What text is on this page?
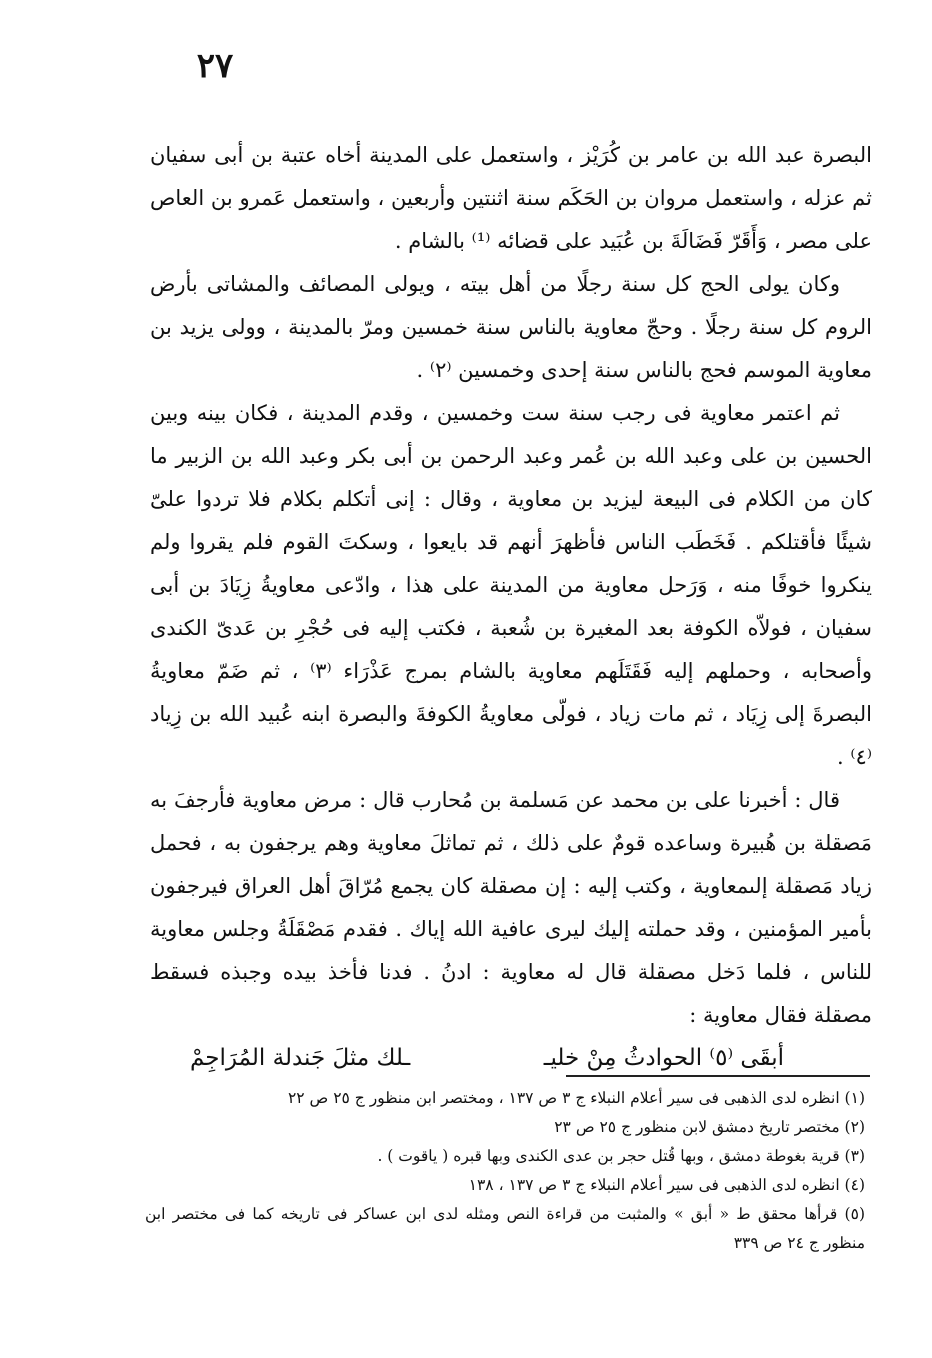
٢٧

البصرة عبد الله بن عامر بن كُرَيْز ، واستعمل على المدينة أخاه عتبة بن أبى سفيان ثم عزله ، واستعمل مروان بن الحَكَم سنة اثنتين وأربعين ، واستعمل عَمرو بن العاص على مصر ، وَأَقَرّ فَضَالَةَ بن عُبَيد على قضائه ⁽¹⁾ بالشام .

وكان يولى الحج كل سنة رجلًا من أهل بيته ، ويولى المصائف والمشاتى بأرض الروم كل سنة رجلًا . وحجّ معاوية بالناس سنة خمسين ومرّ بالمدينة ، وولى يزيد بن معاوية الموسم فحج بالناس سنة إحدى وخمسين ⁽٢⁾ .

ثم اعتمر معاوية فى رجب سنة ست وخمسين ، وقدم المدينة ، فكان بينه وبين الحسين بن على وعبد الله بن عُمر وعبد الرحمن بن أبى بكر وعبد الله بن الزبير ما كان من الكلام فى البيعة ليزيد بن معاوية ، وقال : إنى أتكلم بكلام فلا تردوا علىّ شيئًا فأقتلكم . فَخَطَب الناس فأظهرَ أنهم قد بايعوا ، وسكتَ القوم فلم يقروا ولم ينكروا خوفًا منه ، وَرَحل معاوية من المدينة على هذا ، وادّعى معاويةُ زِيَادَ بن أبى سفيان ، فولاّه الكوفة بعد المغيرة بن شُعبة ، فكتب إليه فى حُجْرِ بن عَدىّ الكندى وأصحابه ، وحملهم إليه فَقَتَلَهم معاوية بالشام بمرج عَذْرَاء ⁽٣⁾ ، ثم ضَمّ معاويةُ البصرةَ إلى زِيَاد ، ثم مات زياد ، فولّى معاويةُ الكوفةَ والبصرة ابنه عُبيد الله بن زِياد ⁽٤⁾ .

قال : أخبرنا على بن محمد عن مَسلمة بن مُحارب قال : مرض معاوية فأرجفَ به مَصقلة بن هُبيرة وساعده قومٌ على ذلك ، ثم تماثلَ معاوية وهم يرجفون به ، فحمل زياد مَصقلة إلىمعاوية ، وكتب إليه : إن مصقلة كان يجمع مُرّاقَ أهل العراق فيرجفون بأمير المؤمنين ، وقد حملته إليك ليرى عافية الله إياك . فقدم مَصْقَلَةُ وجلس معاوية للناس ، فلما دَخل مصقلة قال له معاوية : ادنُ . فدنا فأخذ بيده وجبذه فسقط مصقلة فقال معاوية :

أبقَى ⁽٥⁾ الحوادثُ مِنْ خليـ
ـلك مثلَ جَندلة المُرَاجِمْ

(١) انظره لدى الذهبى فى سير أعلام النبلاء ج ٣ ص ١٣٧ ، ومختصر ابن منظور ج ٢٥ ص ٢٢

(٢) مختصر تاريخ دمشق لابن منظور ج ٢٥ ص ٢٣

(٣) قرية بغوطة دمشق ، وبها قُتل حجر بن عدى الكندى وبها قبره ( ياقوت ) .

(٤) انظره لدى الذهبى فى سير أعلام النبلاء ج ٣ ص ١٣٧ ، ١٣٨

(٥) قرأها محقق ط « أبق » والمثبت من قراءة النص ومثله لدى ابن عساكر فى تاريخه كما فى مختصر ابن منظور ج ٢٤ ص ٣٣٩
